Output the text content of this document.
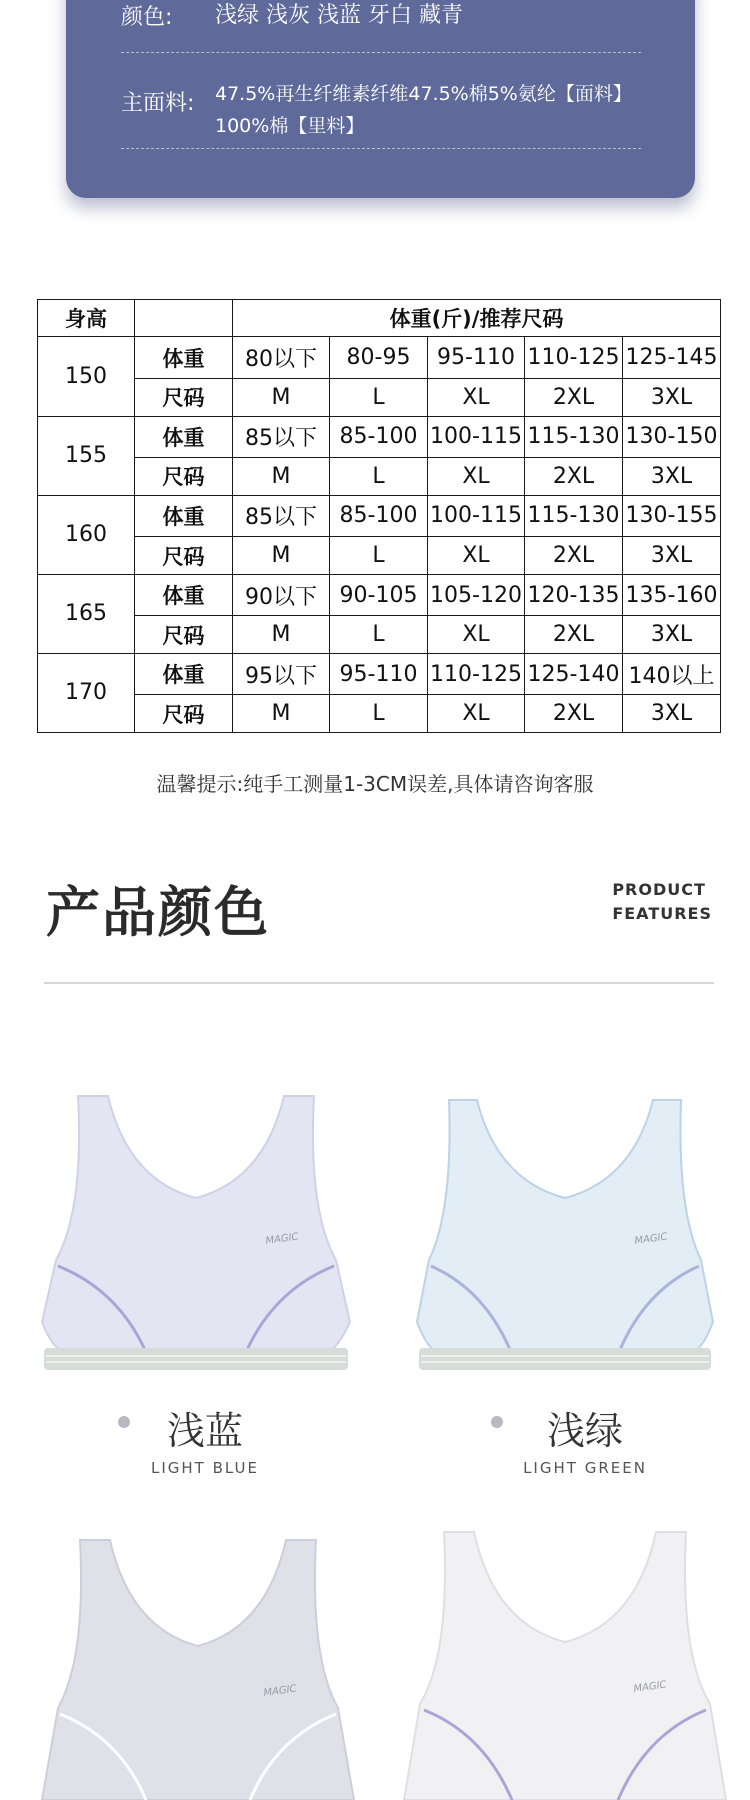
颜色: 浅绿 浅灰 浅蓝 牙白 藏青
主面料: 47.5%再生纤维素纤维47.5%棉5%氨纶【面料】
100%棉【里料】
身高		体重(斤)/推荐尺码				
150	体重	80以下	80-95	95-110	110-125	125-145
	尺码	M	L	XL	2XL	3XL
155	体重	85以下	85-100	100-115	115-130	130-150
	尺码	M	L	XL	2XL	3XL
160	体重	85以下	85-100	100-115	115-130	130-155
	尺码	M	L	XL	2XL	3XL
165	体重	90以下	90-105	105-120	120-135	135-160
	尺码	M	L	XL	2XL	3XL
170	体重	95以下	95-110	110-125	125-140	140以上
	尺码	M	L	XL	2XL	3XL
温馨提示:纯手工测量1-3CM误差,具体请咨询客服
产品颜色	PRODUCT
FEATURES
MAGIC	MAGIC
浅蓝
LIGHT BLUE
浅绿
LIGHT GREEN
MAGIC	MAGIC
